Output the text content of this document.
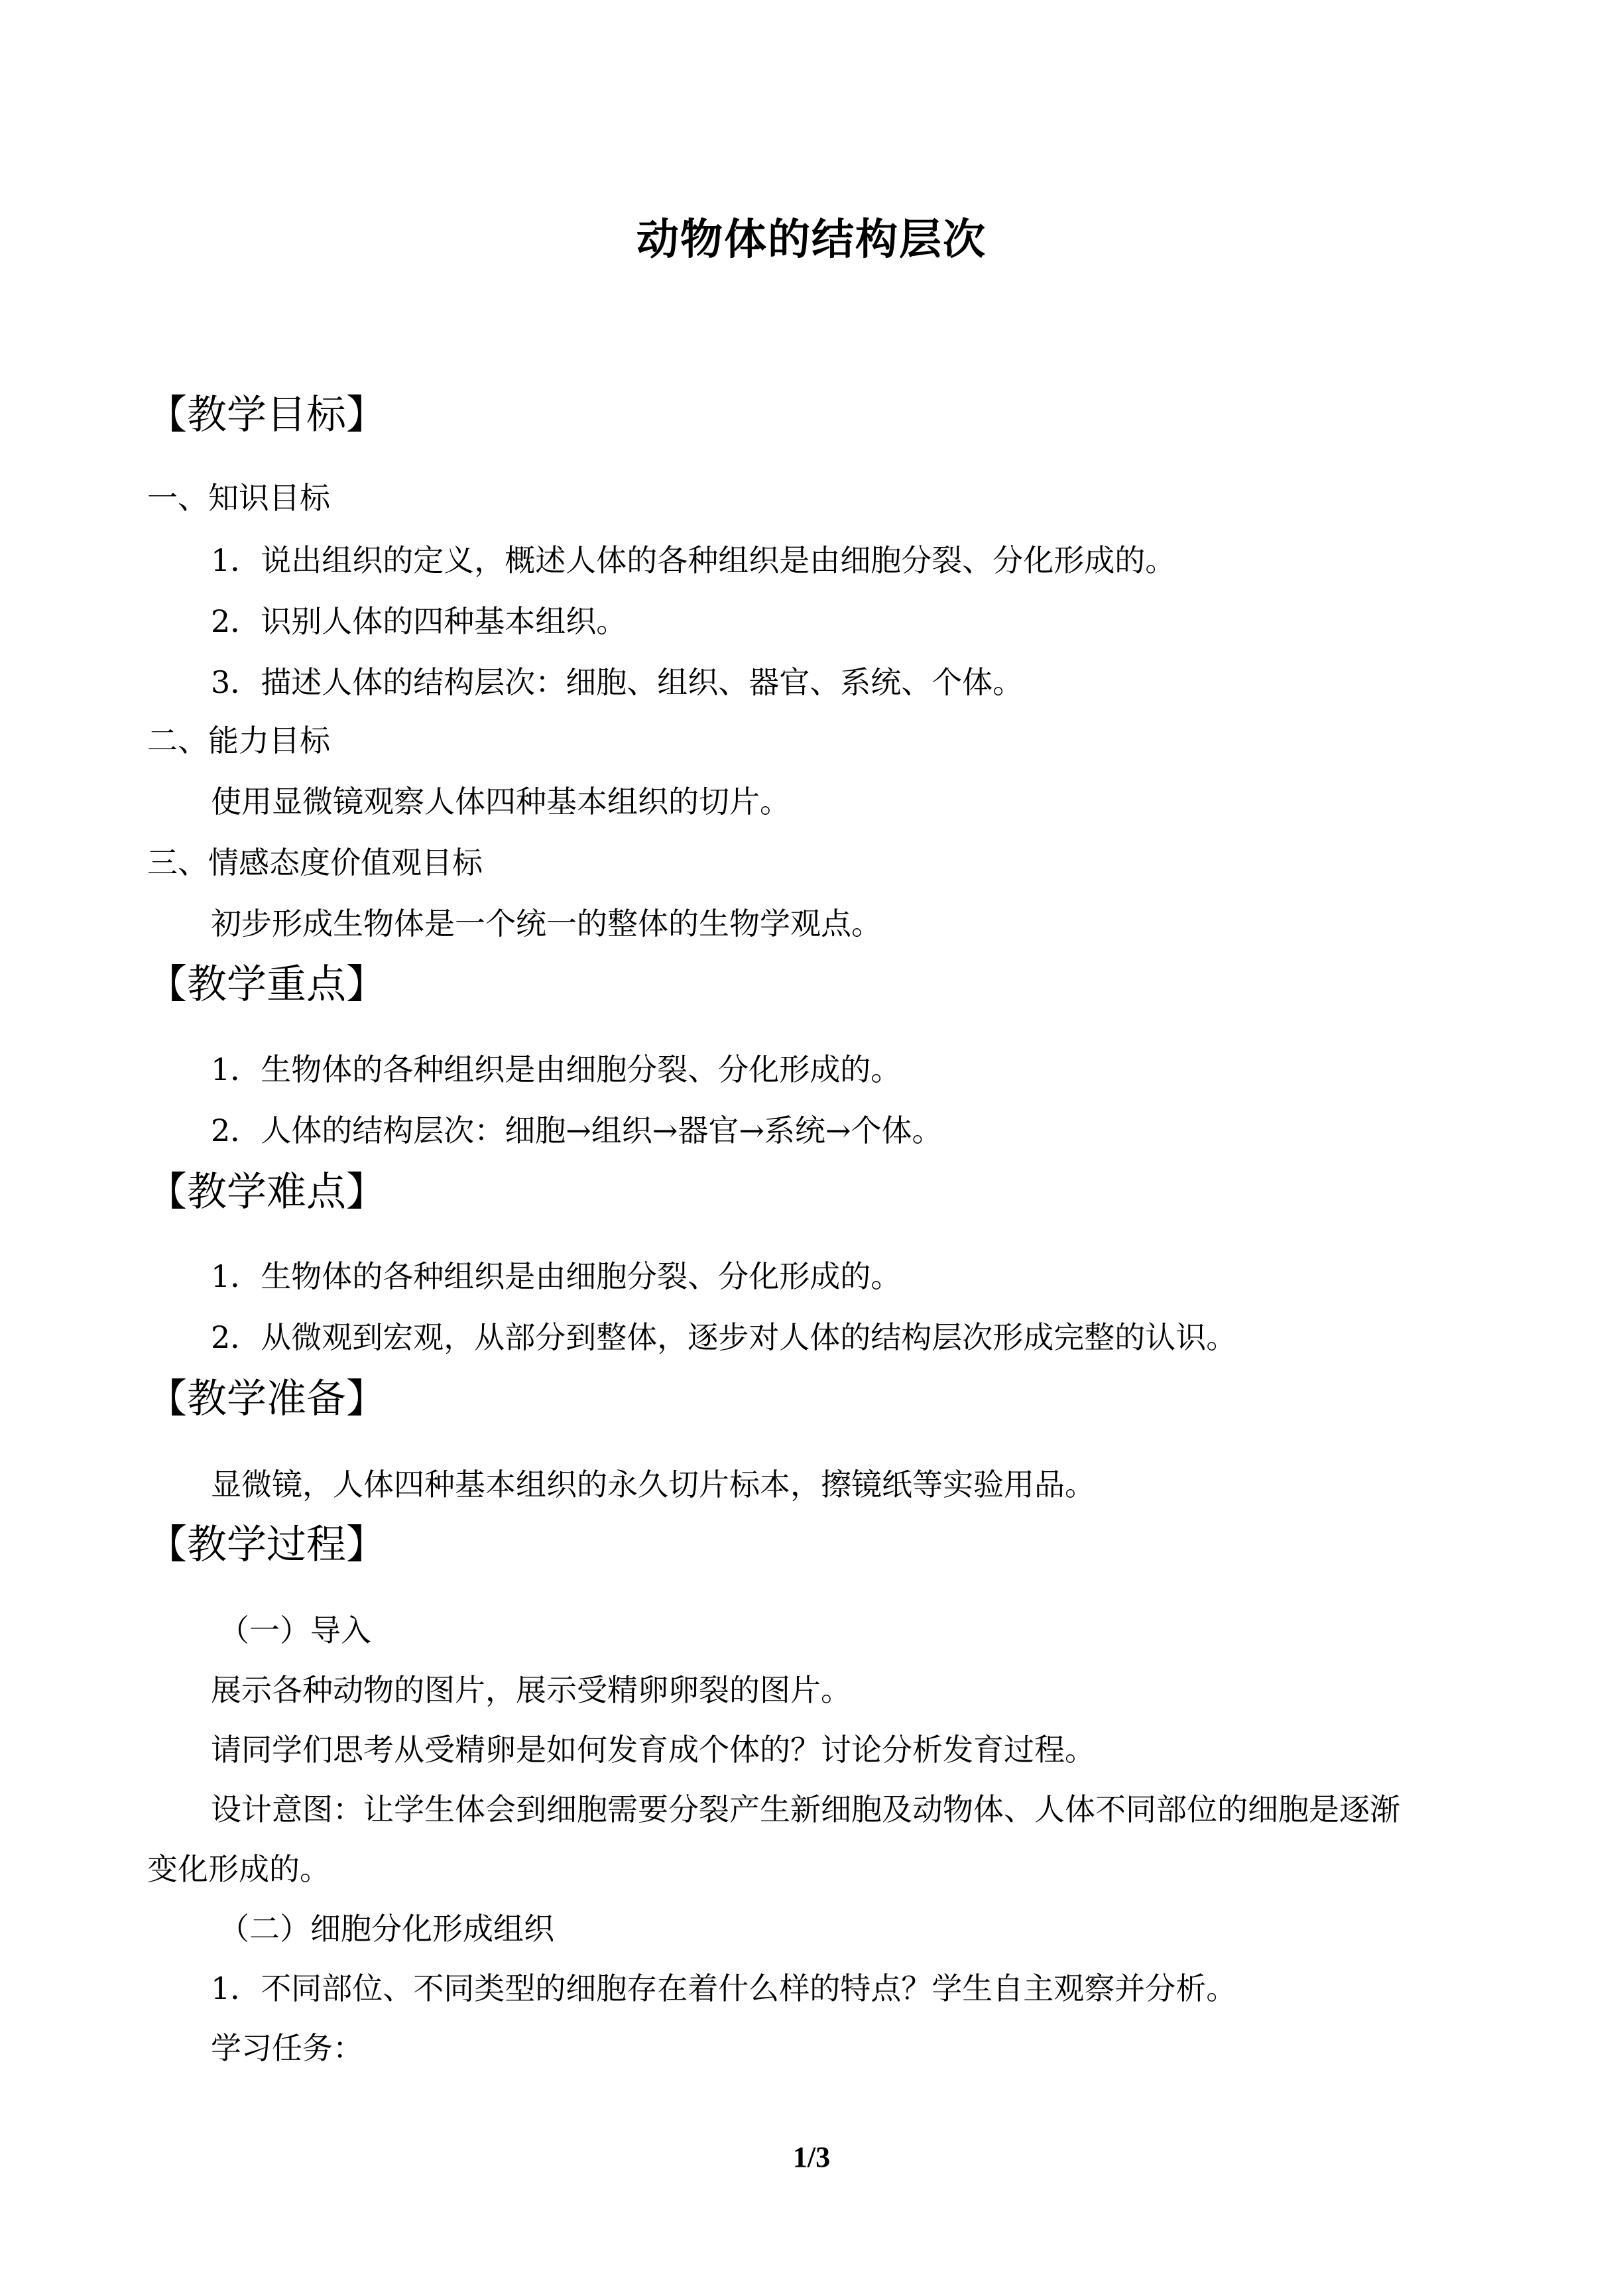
动物体的结构层次
【教学目标】
一、知识目标
1．说出组织的定义，概述人体的各种组织是由细胞分裂、分化形成的。
2．识别人体的四种基本组织。
3．描述人体的结构层次：细胞、组织、器官、系统、个体。
二、能力目标
使用显微镜观察人体四种基本组织的切片。
三、情感态度价值观目标
初步形成生物体是一个统一的整体的生物学观点。
【教学重点】
1．生物体的各种组织是由细胞分裂、分化形成的。
2．人体的结构层次：细胞→组织→器官→系统→个体。
【教学难点】
1．生物体的各种组织是由细胞分裂、分化形成的。
2．从微观到宏观，从部分到整体，逐步对人体的结构层次形成完整的认识。
【教学准备】
显微镜，人体四种基本组织的永久切片标本，擦镜纸等实验用品。
【教学过程】
（一）导入
展示各种动物的图片，展示受精卵卵裂的图片。
请同学们思考从受精卵是如何发育成个体的？讨论分析发育过程。
设计意图：让学生体会到细胞需要分裂产生新细胞及动物体、人体不同部位的细胞是逐渐
变化形成的。
（二）细胞分化形成组织
1．不同部位、不同类型的细胞存在着什么样的特点？学生自主观察并分析。
学习任务：
1/3
